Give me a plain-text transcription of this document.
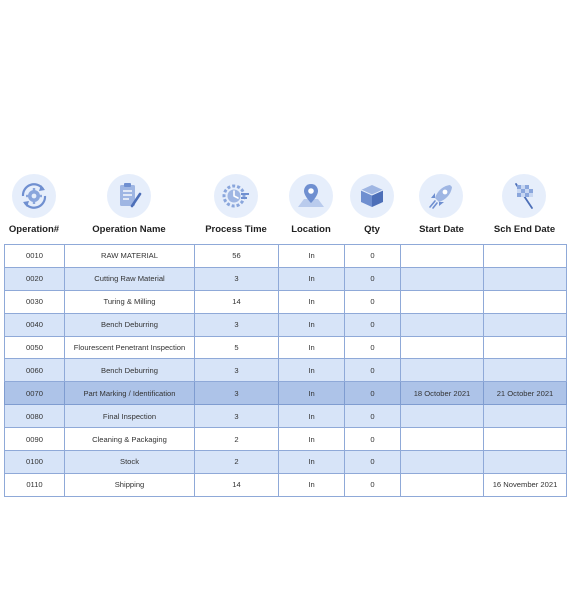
Operation#	Operation Name	Process Time	Location	Qty	Start Date	Sch End Date
0010	RAW MATERIAL	56	In	0		
0020	Cutting Raw Material	3	In	0		
0030	Turing & Milling	14	In	0		
0040	Bench Deburring	3	In	0		
0050	Flourescent Penetrant Inspection	5	In	0		
0060	Bench Deburring	3	In	0		
0070	Part Marking / Identification	3	In	0	18 October 2021	21 October 2021
0080	Final Inspection	3	In	0		
0090	Cleaning & Packaging	2	In	0		
0100	Stock	2	In	0		
0110	Shipping	14	In	0		16 November 2021
